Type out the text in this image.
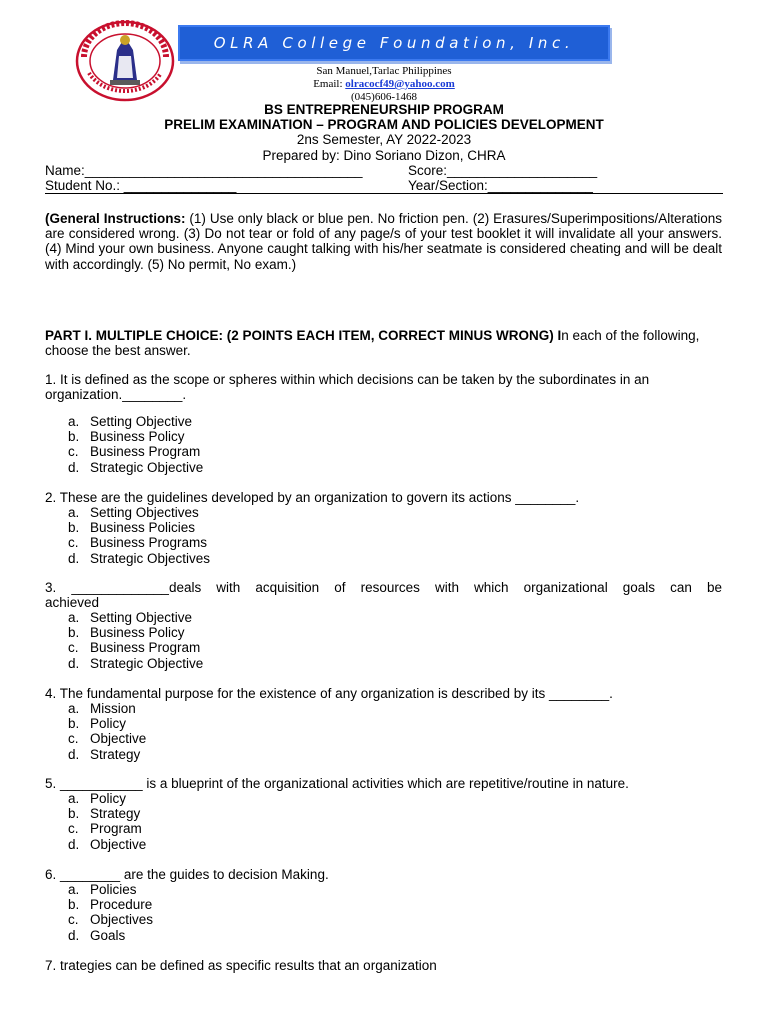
OLRA College Foundation, Inc.
San Manuel,Tarlac Philippines
Email: olracocf49@yahoo.com
(045)606-1468
BS ENTREPRENEURSHIP PROGRAM
PRELIM EXAMINATION – PROGRAM AND POLICIES DEVELOPMENT
2ns Semester, AY 2022-2023
Prepared by: Dino Soriano Dizon, CHRA
Name:_____________________________________	Score:____________________
Student No.: _______________	Year/Section:______________
(General Instructions: (1) Use only black or blue pen. No friction pen. (2) Erasures/Superimpositions/Alterations are considered wrong. (3) Do not tear or fold of any page/s of your test booklet it will invalidate all your answers. (4) Mind your own business. Anyone caught talking with his/her seatmate is considered cheating and will be dealt with accordingly. (5) No permit, No exam.)
PART I. MULTIPLE CHOICE: (2 POINTS EACH ITEM, CORRECT MINUS WRONG) In each of the following, choose the best answer.
1. It is defined as the scope or spheres within which decisions can be taken by the subordinates in an organization.________.
a. Setting Objective
b. Business Policy
c. Business Program
d. Strategic Objective
2. These are the guidelines developed by an organization to govern its actions ________.
a. Setting Objectives
b. Business Policies
c. Business Programs
d. Strategic Objectives
3. _____________deals with acquisition of resources with which organizational goals can be
achieved
a. Setting Objective
b. Business Policy
c. Business Program
d. Strategic Objective
4. The fundamental purpose for the existence of any organization is described by its ________.
a. Mission
b. Policy
c. Objective
d. Strategy
5. ___________ is a blueprint of the organizational activities which are repetitive/routine in nature.
a. Policy
b. Strategy
c. Program
d. Objective
6. ________ are the guides to decision Making.
a. Policies
b. Procedure
c. Objectives
d. Goals
7. trategies can be defined as specific results that an organization
